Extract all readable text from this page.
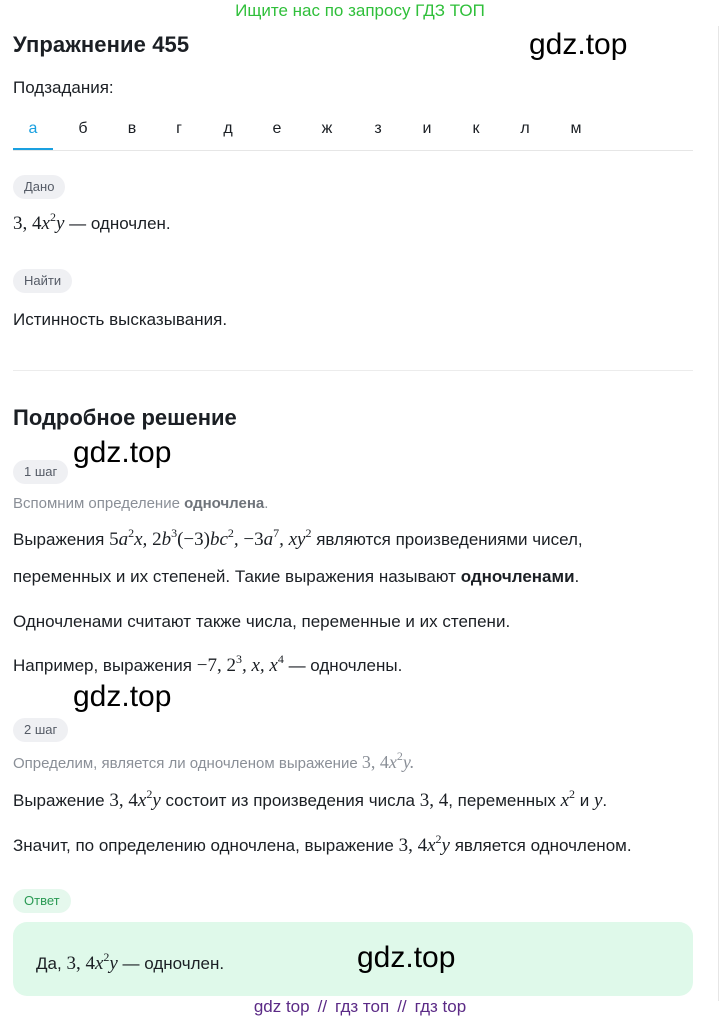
Ищите нас по запросу ГДЗ ТОП
Упражнение 455	gdz.top
Подзадания:
а	б	в	г	д	е	ж	з	и	к	л	м
Дано
3, $4x^2y$ — одночлен.
Найти
Истинность высказывания.
Подробное решение
gdz.top
1 шаг
Вспомним определение одночлена.
Выражения $5a^2x$, $2b^3(-3)bc^2$, $-3a^7$, $xy^2$ являются произведениями чисел,
переменных и их степеней. Такие выражения называют одночленами.
Одночленами считают также числа, переменные и их степени.
Например, выражения −7, $2^3$, x, $x^4$ — одночлены.
gdz.top
2 шаг
Определим, является ли одночленом выражение 3, $4x^2y$.
Выражение 3, $4x^2y$ состоит из произведения числа 3, 4, переменных $x^2$ и y.
Значит, по определению одночлена, выражение 3, $4x^2y$ является одночленом.
Ответ
Да, 3, $4x^2y$ — одночлен.	gdz.top
gdz top // гдз топ // гдз top
